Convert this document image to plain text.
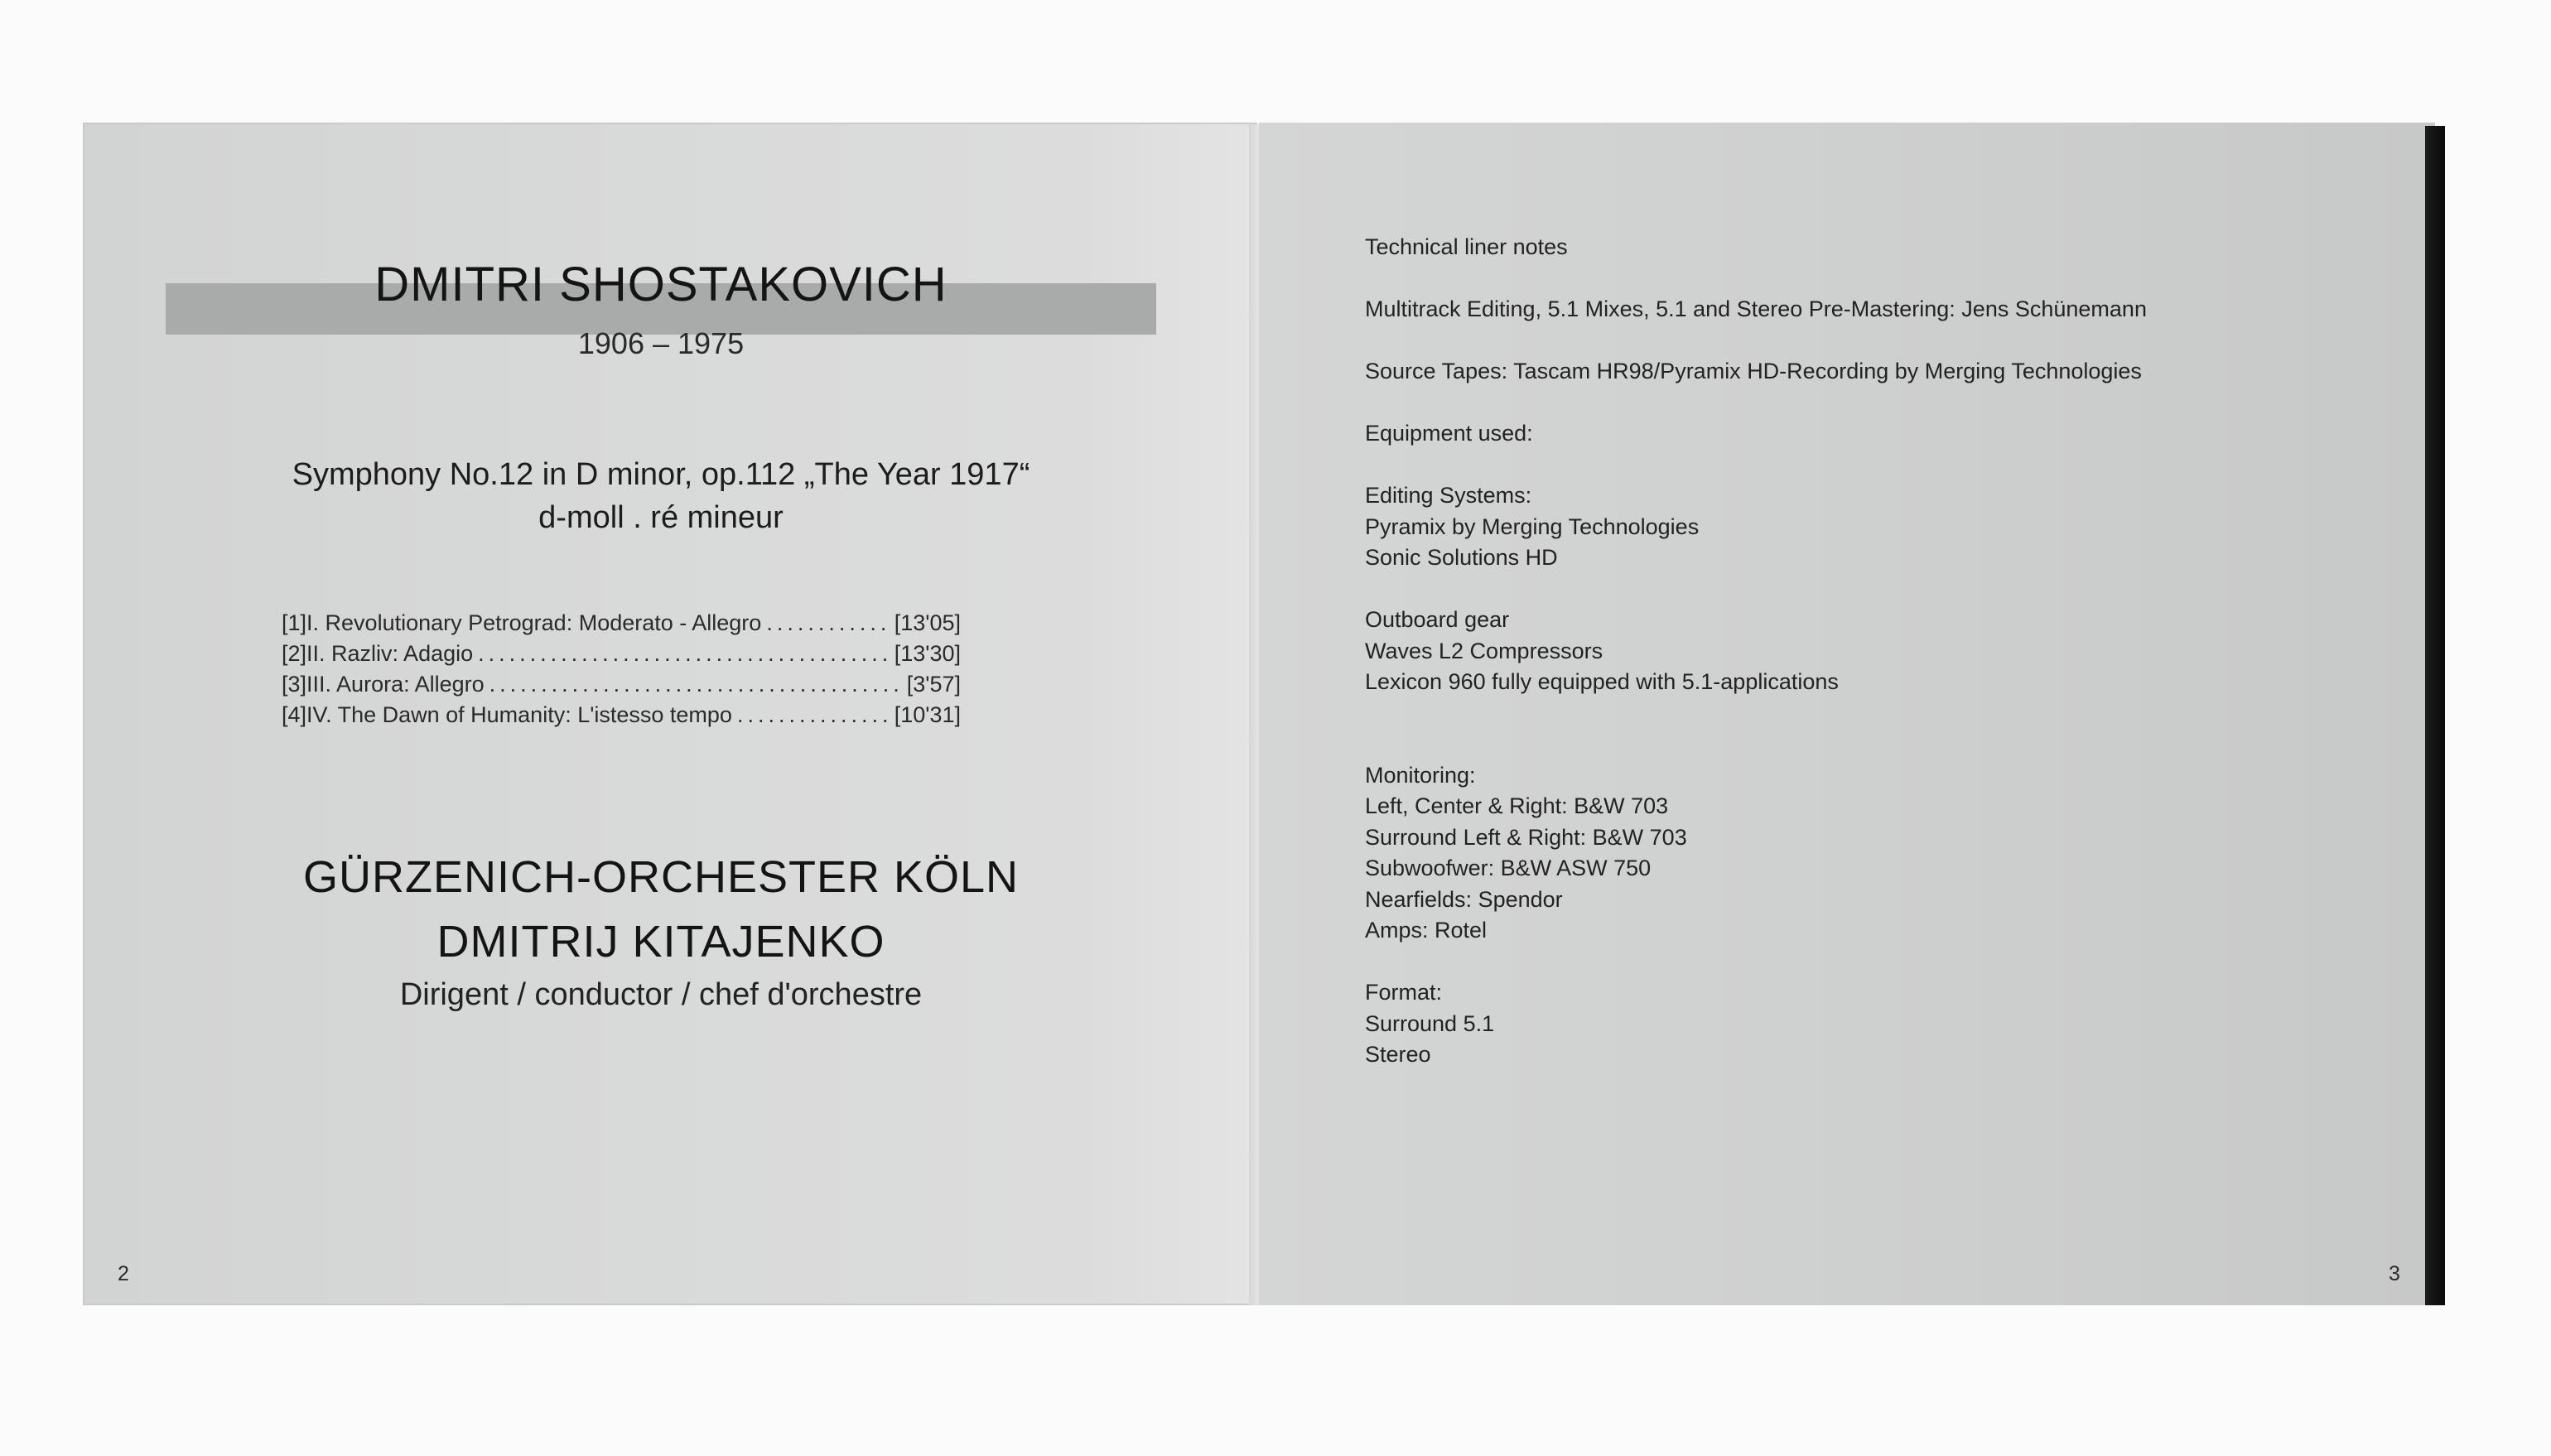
DMITRI SHOSTAKOVICH
1906 – 1975
Symphony No.12 in D minor, op.112 „The Year 1917“
d-moll . ré mineur
[1] I. Revolutionary Petrograd: Moderato - Allegro .....	[13'05]
[2] II. Razliv: Adagio .....	[13'30]
[3] III. Aurora: Allegro .....	[3'57]
[4] IV. The Dawn of Humanity: L'istesso tempo .....	[10'31]
GÜRZENICH-ORCHESTER KÖLN
DMITRIJ KITAJENKO
Dirigent / conductor / chef d'orchestre
2
Technical liner notes
Multitrack Editing, 5.1 Mixes, 5.1 and Stereo Pre-Mastering: Jens Schünemann
Source Tapes: Tascam HR98/Pyramix HD-Recording by Merging Technologies
Equipment used:
Editing Systems:
Pyramix by Merging Technologies
Sonic Solutions HD
Outboard gear
Waves L2 Compressors
Lexicon 960 fully equipped with 5.1-applications
Monitoring:
Left, Center & Right: B&W 703
Surround Left & Right: B&W 703
Subwoofwer: B&W ASW 750
Nearfields: Spendor
Amps: Rotel
Format:
Surround 5.1
Stereo
3
